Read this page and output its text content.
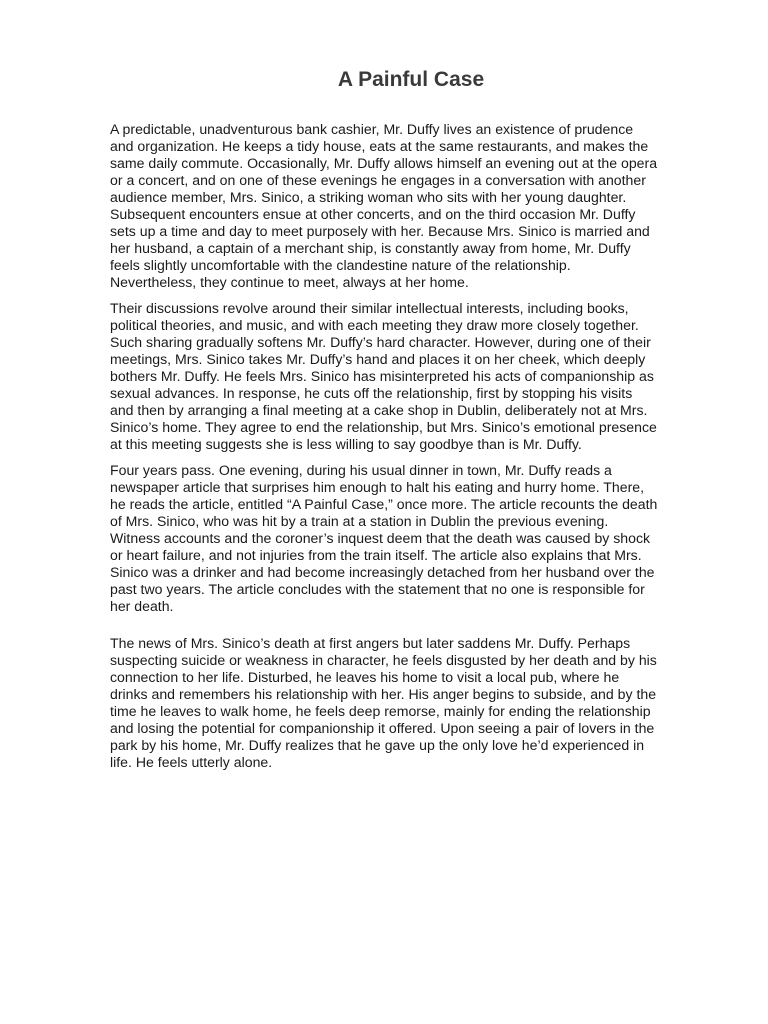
A Painful Case

A predictable, unadventurous bank cashier, Mr. Duffy lives an existence of prudence
and organization. He keeps a tidy house, eats at the same restaurants, and makes the
same daily commute. Occasionally, Mr. Duffy allows himself an evening out at the opera
or a concert, and on one of these evenings he engages in a conversation with another
audience member, Mrs. Sinico, a striking woman who sits with her young daughter.
Subsequent encounters ensue at other concerts, and on the third occasion Mr. Duffy
sets up a time and day to meet purposely with her. Because Mrs. Sinico is married and
her husband, a captain of a merchant ship, is constantly away from home, Mr. Duffy
feels slightly uncomfortable with the clandestine nature of the relationship.
Nevertheless, they continue to meet, always at her home.

Their discussions revolve around their similar intellectual interests, including books,
political theories, and music, and with each meeting they draw more closely together.
Such sharing gradually softens Mr. Duffy’s hard character. However, during one of their
meetings, Mrs. Sinico takes Mr. Duffy’s hand and places it on her cheek, which deeply
bothers Mr. Duffy. He feels Mrs. Sinico has misinterpreted his acts of companionship as
sexual advances. In response, he cuts off the relationship, first by stopping his visits
and then by arranging a final meeting at a cake shop in Dublin, deliberately not at Mrs.
Sinico’s home. They agree to end the relationship, but Mrs. Sinico’s emotional presence
at this meeting suggests she is less willing to say goodbye than is Mr. Duffy.

Four years pass. One evening, during his usual dinner in town, Mr. Duffy reads a
newspaper article that surprises him enough to halt his eating and hurry home. There,
he reads the article, entitled “A Painful Case,” once more. The article recounts the death
of Mrs. Sinico, who was hit by a train at a station in Dublin the previous evening.
Witness accounts and the coroner’s inquest deem that the death was caused by shock
or heart failure, and not injuries from the train itself. The article also explains that Mrs.
Sinico was a drinker and had become increasingly detached from her husband over the
past two years. The article concludes with the statement that no one is responsible for
her death.

The news of Mrs. Sinico’s death at first angers but later saddens Mr. Duffy. Perhaps
suspecting suicide or weakness in character, he feels disgusted by her death and by his
connection to her life. Disturbed, he leaves his home to visit a local pub, where he
drinks and remembers his relationship with her. His anger begins to subside, and by the
time he leaves to walk home, he feels deep remorse, mainly for ending the relationship
and losing the potential for companionship it offered. Upon seeing a pair of lovers in the
park by his home, Mr. Duffy realizes that he gave up the only love he’d experienced in
life. He feels utterly alone.
